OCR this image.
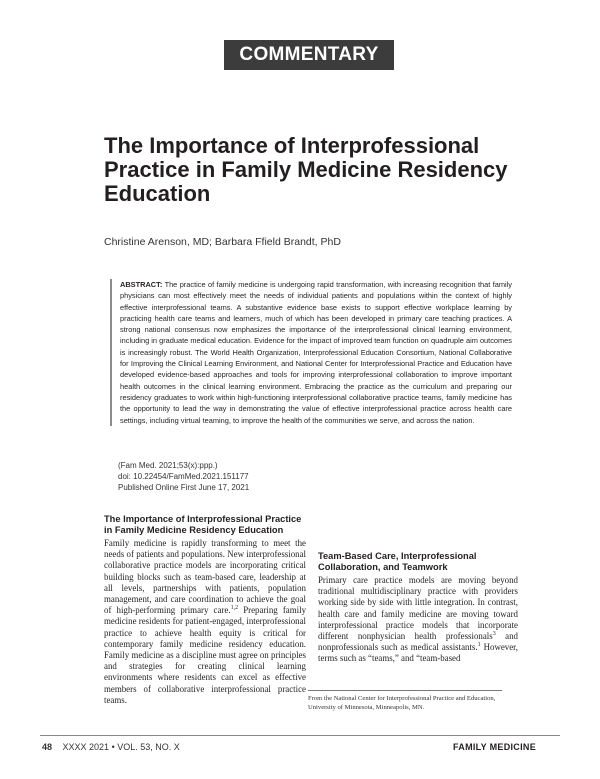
COMMENTARY
The Importance of Interprofessional Practice in Family Medicine Residency Education
Christine Arenson, MD; Barbara Ffield Brandt, PhD
ABSTRACT: The practice of family medicine is undergoing rapid transformation, with increasing recognition that family physicians can most effectively meet the needs of individual patients and populations within the context of highly effective interprofessional teams. A substantive evidence base exists to support effective workplace learning by practicing health care teams and learners, much of which has been developed in primary care teaching practices. A strong national consensus now emphasizes the importance of the interprofessional clinical learning environment, including in graduate medical education. Evidence for the impact of improved team function on quadruple aim outcomes is increasingly robust. The World Health Organization, Interprofessional Education Consortium, National Collaborative for Improving the Clinical Learning Environment, and National Center for Interprofessional Practice and Education have developed evidence-based approaches and tools for improving interprofessional collaboration to improve important health outcomes in the clinical learning environment. Embracing the practice as the curriculum and preparing our residency graduates to work within high-functioning interprofessional collaborative practice teams, family medicine has the opportunity to lead the way in demonstrating the value of effective interprofessional practice across health care settings, including virtual teaming, to improve the health of the communities we serve, and across the nation.
(Fam Med. 2021;53(x):ppp.)
doi: 10.22454/FamMed.2021.151177
Published Online First June 17, 2021
The Importance of Interprofessional Practice in Family Medicine Residency Education

Family medicine is rapidly transforming to meet the needs of patients and populations. New interprofessional collaborative practice models are incorporating critical building blocks such as team-based care, leadership at all levels, partnerships with patients, population management, and care coordination to achieve the goal of high-performing primary care.$^{1,2}$ Preparing family medicine residents for patient-engaged, interprofessional practice to achieve health equity is critical for contemporary family medicine residency education. Family medicine as a discipline must agree on principles and strategies for creating clinical learning environments where residents can excel as effective members of collaborative interprofessional practice teams.

Team-Based Care, Interprofessional Collaboration, and Teamwork

Primary care practice models are moving beyond traditional multidisciplinary practice with providers working side by side with little integration. In contrast, health care and family medicine are moving toward interprofessional practice models that incorporate different nonphysician health professionals$^3$ and nonprofessionals such as medical assistants.$^1$ However, terms such as “teams,” and “team-based

From the National Center for Interprofessional Practice and Education, University of Minnesota, Minneapolis, MN.
48 XXXX 2021 • VOL. 53, NO. X	FAMILY MEDICINE
